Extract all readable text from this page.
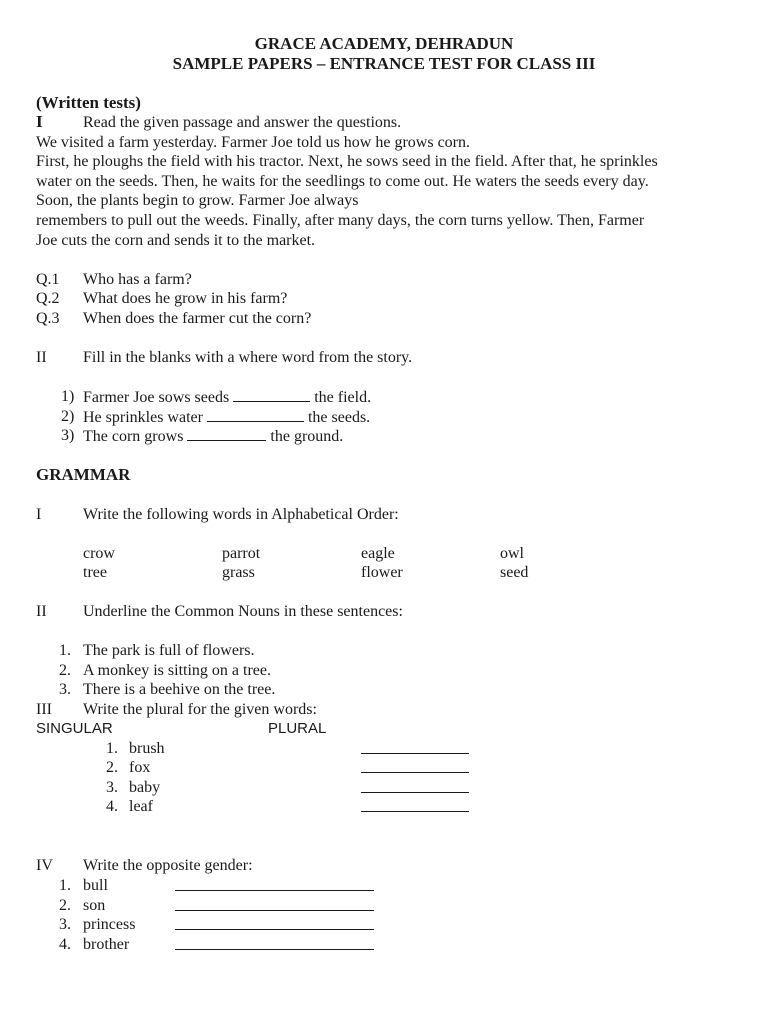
GRACE ACADEMY, DEHRADUN
SAMPLE PAPERS – ENTRANCE TEST FOR CLASS III
(Written tests)
I	Read the given passage and answer the questions.
We visited a farm yesterday. Farmer Joe told us how he grows corn.
First, he ploughs the field with his tractor. Next, he sows seed in the field. After that, he sprinkles
water on the seeds. Then, he waits for the seedlings to come out. He waters the seeds every day.
Soon, the plants begin to grow. Farmer Joe always
remembers to pull out the weeds. Finally, after many days, the corn turns yellow. Then, Farmer
Joe cuts the corn and sends it to the market.
Q.1 Who has a farm?
Q.2 What does he grow in his farm?
Q.3 When does the farmer cut the corn?
II Fill in the blanks with a where word from the story.
1) Farmer Joe sows seeds	the field.
2) He sprinkles water	the seeds.
3) The corn grows	the ground.
GRAMMAR
I	Write the following words in Alphabetical Order:
crow	parrot	eagle	owl
tree	grass	flower	seed
II Underline the Common Nouns in these sentences:
1. The park is full of flowers.
2. A monkey is sitting on a tree.
3. There is a beehive on the tree.
III Write the plural for the given words:
SINGULAR	PLURAL
1. brush
2. fox
3. baby
4. leaf
IV Write the opposite gender:
1. bull
2. son
3. princess
4. brother
